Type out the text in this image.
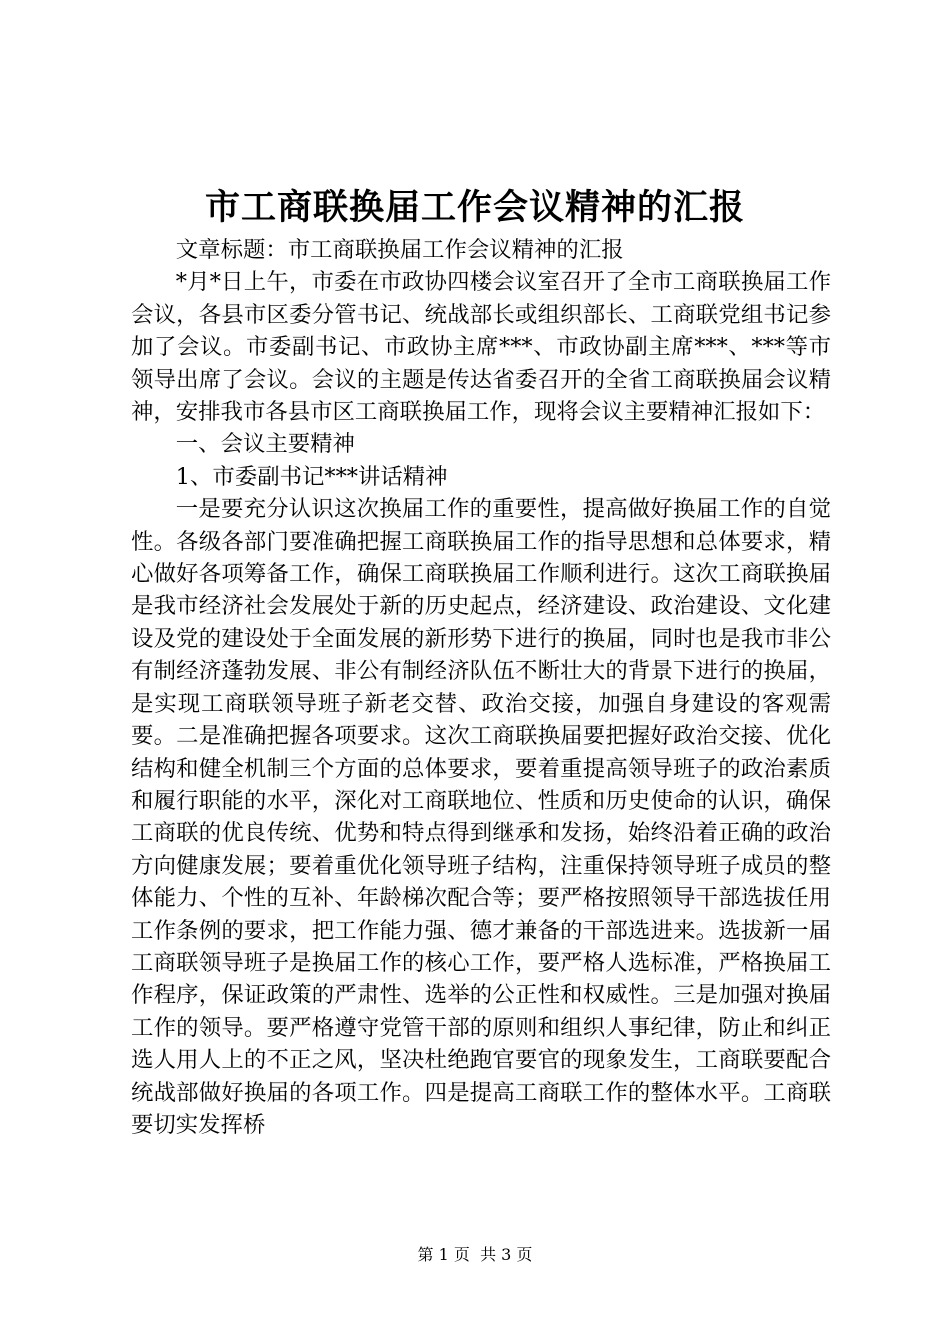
市工商联换届工作会议精神的汇报

文章标题：市工商联换届工作会议精神的汇报

*月*日上午，市委在市政协四楼会议室召开了全市工商联换届工作会议，各县市区委分管书记、统战部长或组织部长、工商联党组书记参加了会议。市委副书记、市政协主席***、市政协副主席***、***等市领导出席了会议。会议的主题是传达省委召开的全省工商联换届会议精神，安排我市各县市区工商联换届工作，现将会议主要精神汇报如下：

一、会议主要精神

1、市委副书记***讲话精神

一是要充分认识这次换届工作的重要性，提高做好换届工作的自觉性。各级各部门要准确把握工商联换届工作的指导思想和总体要求，精心做好各项筹备工作，确保工商联换届工作顺利进行。这次工商联换届是我市经济社会发展处于新的历史起点，经济建设、政治建设、文化建设及党的建设处于全面发展的新形势下进行的换届，同时也是我市非公有制经济蓬勃发展、非公有制经济队伍不断壮大的背景下进行的换届，是实现工商联领导班子新老交替、政治交接，加强自身建设的客观需要。二是准确把握各项要求。这次工商联换届要把握好政治交接、优化结构和健全机制三个方面的总体要求，要着重提高领导班子的政治素质和履行职能的水平，深化对工商联地位、性质和历史使命的认识，确保工商联的优良传统、优势和特点得到继承和发扬，始终沿着正确的政治方向健康发展；要着重优化领导班子结构，注重保持领导班子成员的整体能力、个性的互补、年龄梯次配合等；要严格按照领导干部选拔任用工作条例的要求，把工作能力强、德才兼备的干部选进来。选拔新一届工商联领导班子是换届工作的核心工作，要严格人选标准，严格换届工作程序，保证政策的严肃性、选举的公正性和权威性。三是加强对换届工作的领导。要严格遵守党管干部的原则和组织人事纪律，防止和纠正选人用人上的不正之风，坚决杜绝跑官要官的现象发生，工商联要配合统战部做好换届的各项工作。四是提高工商联工作的整体水平。工商联要切实发挥桥

第 1 页  共 3 页
